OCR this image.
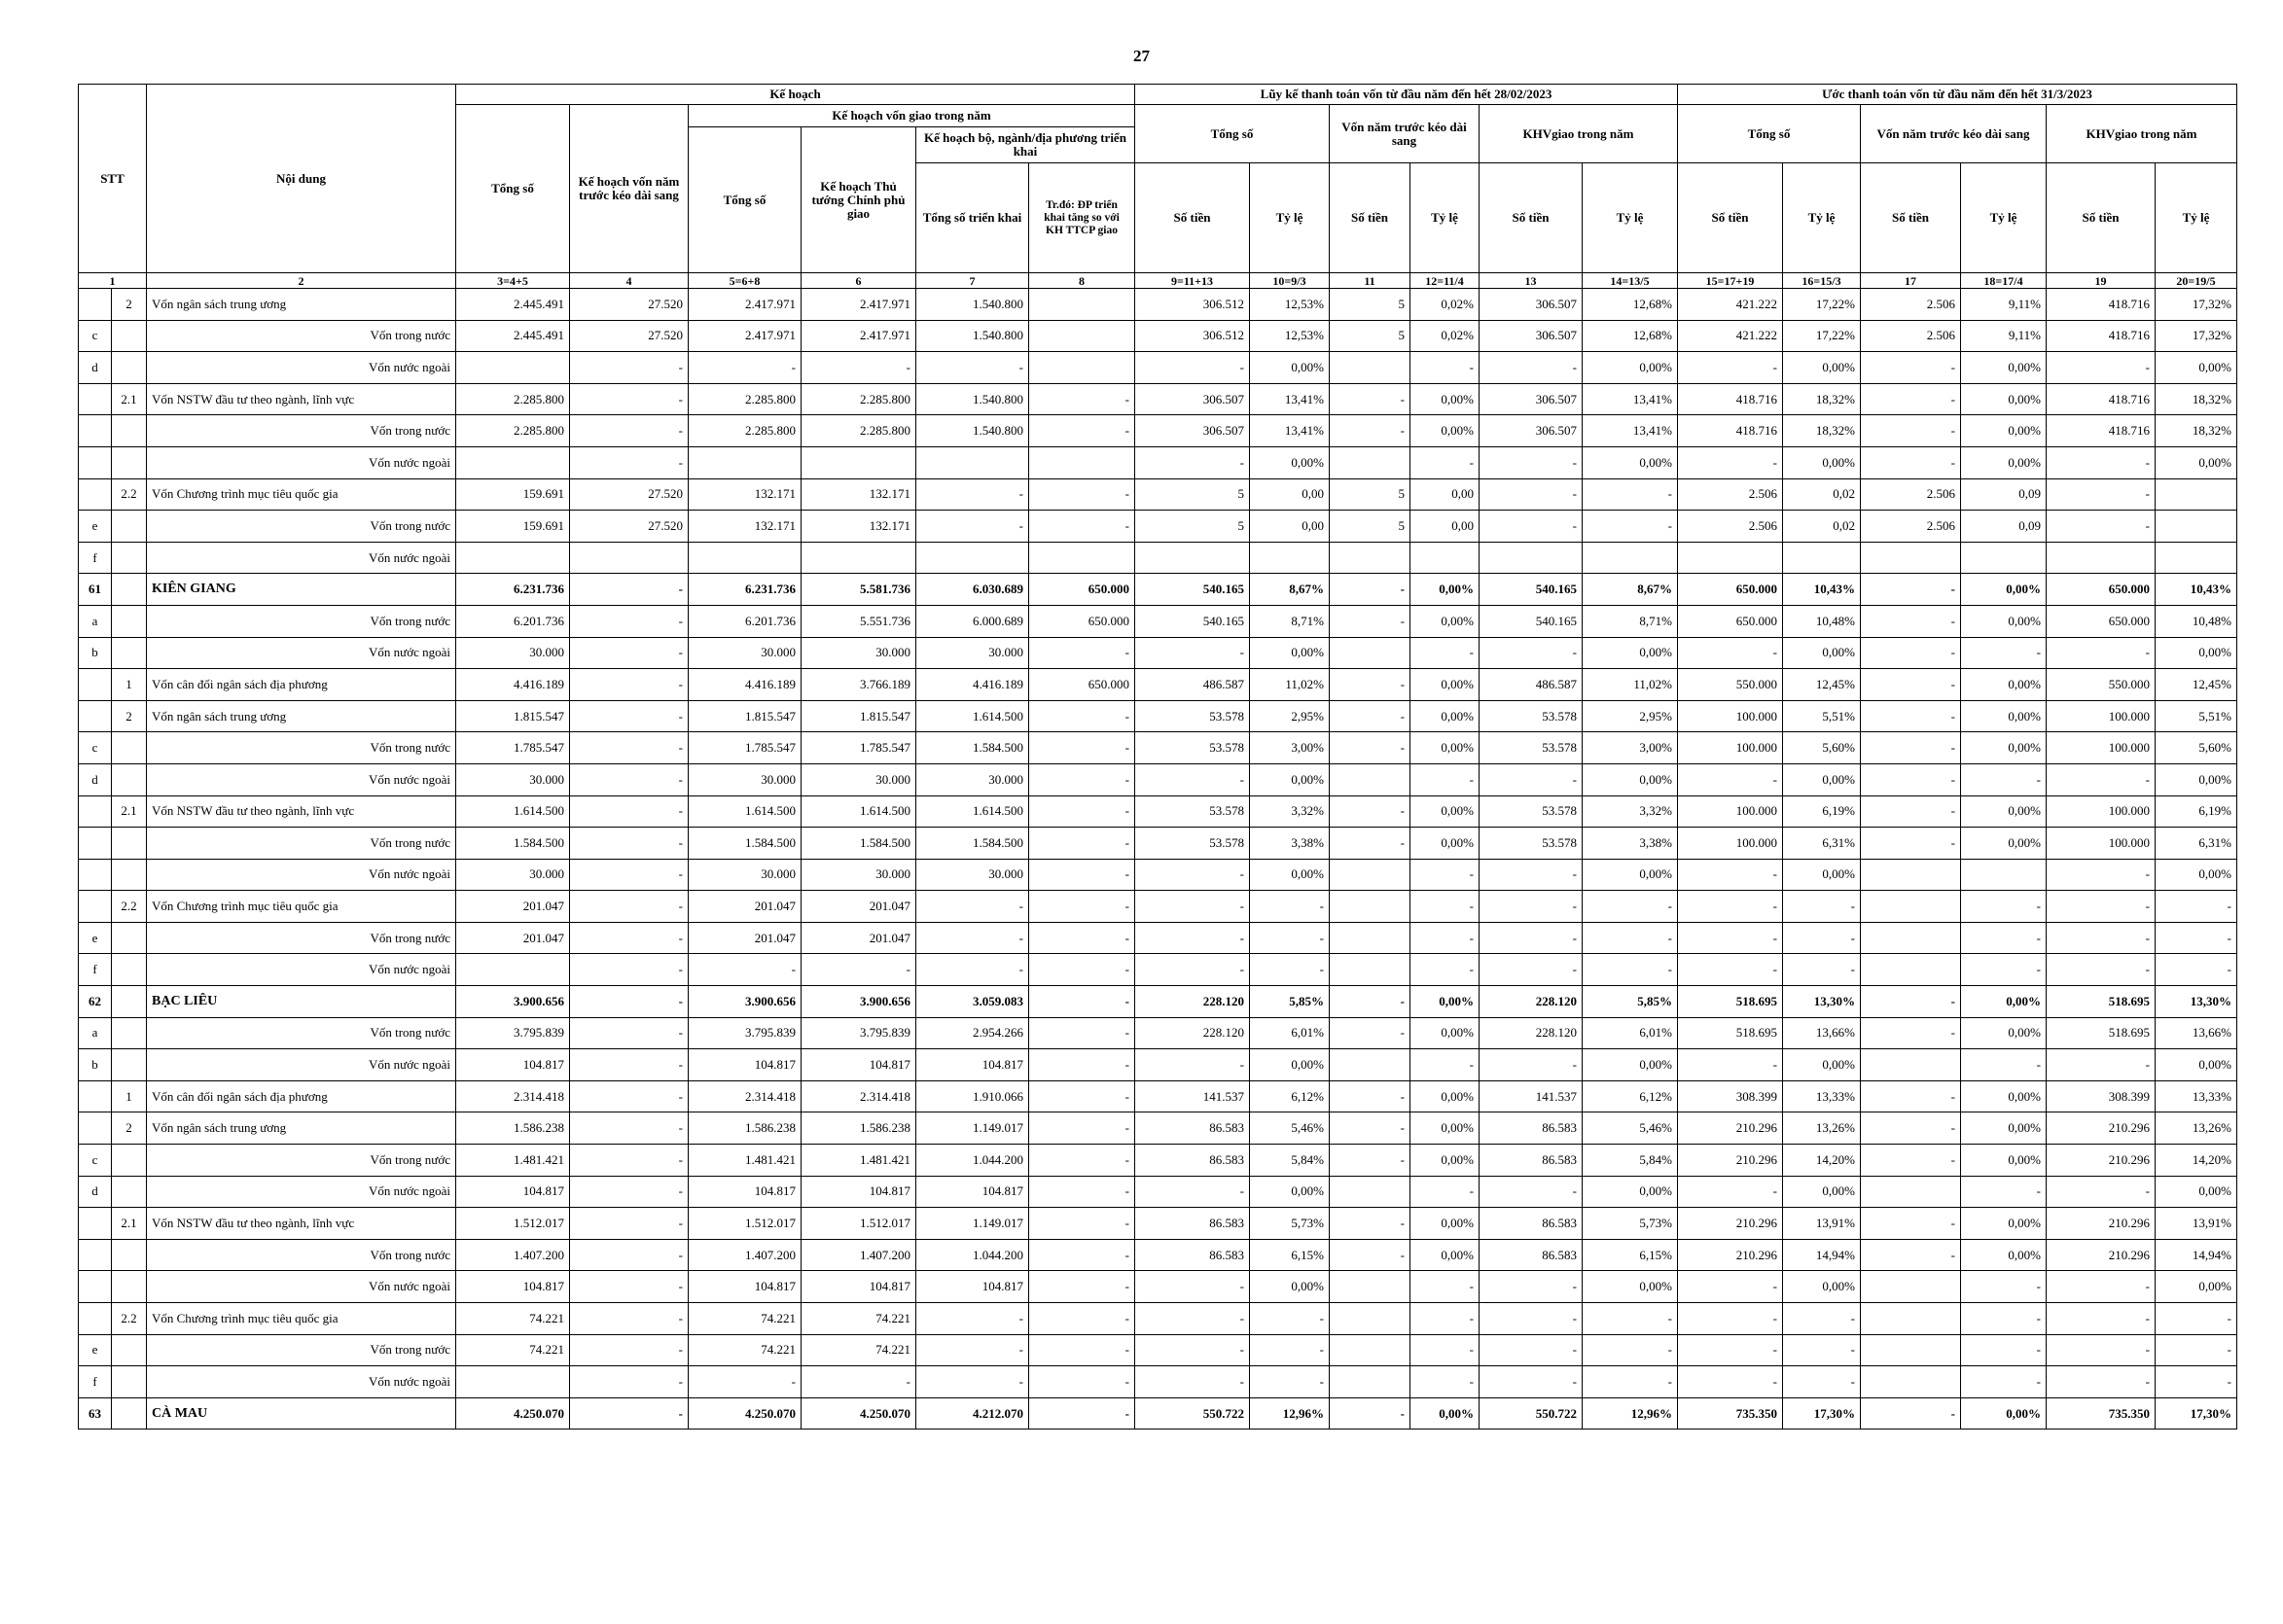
27
STT		Nội dung	Kế hoạch						Lũy kế thanh toán vốn từ đầu năm đến hết 28/02/2023						Ước thanh toán vốn từ đầu năm đến hết 31/3/2023					
			Tổng số	Kế hoạch vốn năm trước kéo dài sang	Kế hoạch vốn giao trong năm				Tổng số		Vốn năm trước kéo dài sang		KHVgiao trong năm		Tổng số		Vốn năm trước kéo dài sang		KHVgiao trong năm	
					Tổng số	Kế hoạch Thủ tướng Chính phủ giao	Kế hoạch bộ, ngành/địa phương triển khai													
							Tổng số triển khai	Tr.đó: ĐP triển khai tăng so với KH TTCP giao	Số tiền	Tỷ lệ	Số tiền	Tỷ lệ	Số tiền	Tỷ lệ	Số tiền	Tỷ lệ	Số tiền	Tỷ lệ	Số tiền	Tỷ lệ
1		2	3=4+5	4	5=6+8	6	7	8	9=11+13	10=9/3	11	12=11/4	13	14=13/5	15=17+19	16=15/3	17	18=17/4	19	20=19/5
	2	Vốn ngân sách trung ương	2.445.491	27.520	2.417.971	2.417.971	1.540.800		306.512	12,53%	5	0,02%	306.507	12,68%	421.222	17,22%	2.506	9,11%	418.716	17,32%
c		Vốn trong nước	2.445.491	27.520	2.417.971	2.417.971	1.540.800		306.512	12,53%	5	0,02%	306.507	12,68%	421.222	17,22%	2.506	9,11%	418.716	17,32%
d		Vốn nước ngoài		-	-	-	-		-	0,00%		-	-	0,00%	-	0,00%	-	0,00%	-	0,00%
	2.1	Vốn NSTW đầu tư theo ngành, lĩnh vực	2.285.800	-	2.285.800	2.285.800	1.540.800	-	306.507	13,41%	-	0,00%	306.507	13,41%	418.716	18,32%	-	0,00%	418.716	18,32%
		Vốn trong nước	2.285.800	-	2.285.800	2.285.800	1.540.800	-	306.507	13,41%	-	0,00%	306.507	13,41%	418.716	18,32%	-	0,00%	418.716	18,32%
		Vốn nước ngoài		-					-	0,00%		-	-	0,00%	-	0,00%	-	0,00%	-	0,00%
	2.2	Vốn Chương trình mục tiêu quốc gia	159.691	27.520	132.171	132.171	-	-	5	0,00	5	0,00	-	-	2.506	0,02	2.506	0,09	-	
e		Vốn trong nước	159.691	27.520	132.171	132.171	-	-	5	0,00	5	0,00	-	-	2.506	0,02	2.506	0,09	-	
f		Vốn nước ngoài																		
61		KIÊN GIANG	6.231.736	-	6.231.736	5.581.736	6.030.689	650.000	540.165	8,67%	-	0,00%	540.165	8,67%	650.000	10,43%	-	0,00%	650.000	10,43%
a		Vốn trong nước	6.201.736	-	6.201.736	5.551.736	6.000.689	650.000	540.165	8,71%	-	0,00%	540.165	8,71%	650.000	10,48%	-	0,00%	650.000	10,48%
b		Vốn nước ngoài	30.000	-	30.000	30.000	30.000	-	-	0,00%		-	-	0,00%	-	0,00%	-	-	-	0,00%
	1	Vốn cân đối ngân sách địa phương	4.416.189	-	4.416.189	3.766.189	4.416.189	650.000	486.587	11,02%	-	0,00%	486.587	11,02%	550.000	12,45%	-	0,00%	550.000	12,45%
	2	Vốn ngân sách trung ương	1.815.547	-	1.815.547	1.815.547	1.614.500	-	53.578	2,95%	-	0,00%	53.578	2,95%	100.000	5,51%	-	0,00%	100.000	5,51%
c		Vốn trong nước	1.785.547	-	1.785.547	1.785.547	1.584.500	-	53.578	3,00%	-	0,00%	53.578	3,00%	100.000	5,60%	-	0,00%	100.000	5,60%
d		Vốn nước ngoài	30.000	-	30.000	30.000	30.000	-	-	0,00%		-	-	0,00%	-	0,00%	-	-	-	0,00%
	2.1	Vốn NSTW đầu tư theo ngành, lĩnh vực	1.614.500	-	1.614.500	1.614.500	1.614.500	-	53.578	3,32%	-	0,00%	53.578	3,32%	100.000	6,19%	-	0,00%	100.000	6,19%
		Vốn trong nước	1.584.500	-	1.584.500	1.584.500	1.584.500	-	53.578	3,38%	-	0,00%	53.578	3,38%	100.000	6,31%	-	0,00%	100.000	6,31%
		Vốn nước ngoài	30.000	-	30.000	30.000	30.000	-	-	0,00%		-	-	0,00%	-	0,00%			-	0,00%
	2.2	Vốn Chương trình mục tiêu quốc gia	201.047	-	201.047	201.047	-	-	-	-		-	-	-	-	-		-	-	-
e		Vốn trong nước	201.047	-	201.047	201.047	-	-	-	-		-	-	-	-	-		-	-	-
f		Vốn nước ngoài		-	-	-	-	-	-	-		-	-	-	-	-		-	-	-
62		BẠC LIÊU	3.900.656	-	3.900.656	3.900.656	3.059.083	-	228.120	5,85%	-	0,00%	228.120	5,85%	518.695	13,30%	-	0,00%	518.695	13,30%
a		Vốn trong nước	3.795.839	-	3.795.839	3.795.839	2.954.266	-	228.120	6,01%	-	0,00%	228.120	6,01%	518.695	13,66%	-	0,00%	518.695	13,66%
b		Vốn nước ngoài	104.817	-	104.817	104.817	104.817	-	-	0,00%		-	-	0,00%	-	0,00%		-	-	0,00%
	1	Vốn cân đối ngân sách địa phương	2.314.418	-	2.314.418	2.314.418	1.910.066	-	141.537	6,12%	-	0,00%	141.537	6,12%	308.399	13,33%	-	0,00%	308.399	13,33%
	2	Vốn ngân sách trung ương	1.586.238	-	1.586.238	1.586.238	1.149.017	-	86.583	5,46%	-	0,00%	86.583	5,46%	210.296	13,26%	-	0,00%	210.296	13,26%
c		Vốn trong nước	1.481.421	-	1.481.421	1.481.421	1.044.200	-	86.583	5,84%	-	0,00%	86.583	5,84%	210.296	14,20%	-	0,00%	210.296	14,20%
d		Vốn nước ngoài	104.817	-	104.817	104.817	104.817	-	-	0,00%		-	-	0,00%	-	0,00%		-	-	0,00%
	2.1	Vốn NSTW đầu tư theo ngành, lĩnh vực	1.512.017	-	1.512.017	1.512.017	1.149.017	-	86.583	5,73%	-	0,00%	86.583	5,73%	210.296	13,91%	-	0,00%	210.296	13,91%
		Vốn trong nước	1.407.200	-	1.407.200	1.407.200	1.044.200	-	86.583	6,15%	-	0,00%	86.583	6,15%	210.296	14,94%	-	0,00%	210.296	14,94%
		Vốn nước ngoài	104.817	-	104.817	104.817	104.817	-	-	0,00%		-	-	0,00%	-	0,00%		-	-	0,00%
	2.2	Vốn Chương trình mục tiêu quốc gia	74.221	-	74.221	74.221	-	-	-	-		-	-	-	-	-		-	-	-
e		Vốn trong nước	74.221	-	74.221	74.221	-	-	-	-		-	-	-	-	-		-	-	-
f		Vốn nước ngoài		-	-	-	-	-	-	-		-	-	-	-	-		-	-	-
63		CÀ MAU	4.250.070	-	4.250.070	4.250.070	4.212.070	-	550.722	12,96%	-	0,00%	550.722	12,96%	735.350	17,30%	-	0,00%	735.350	17,30%
